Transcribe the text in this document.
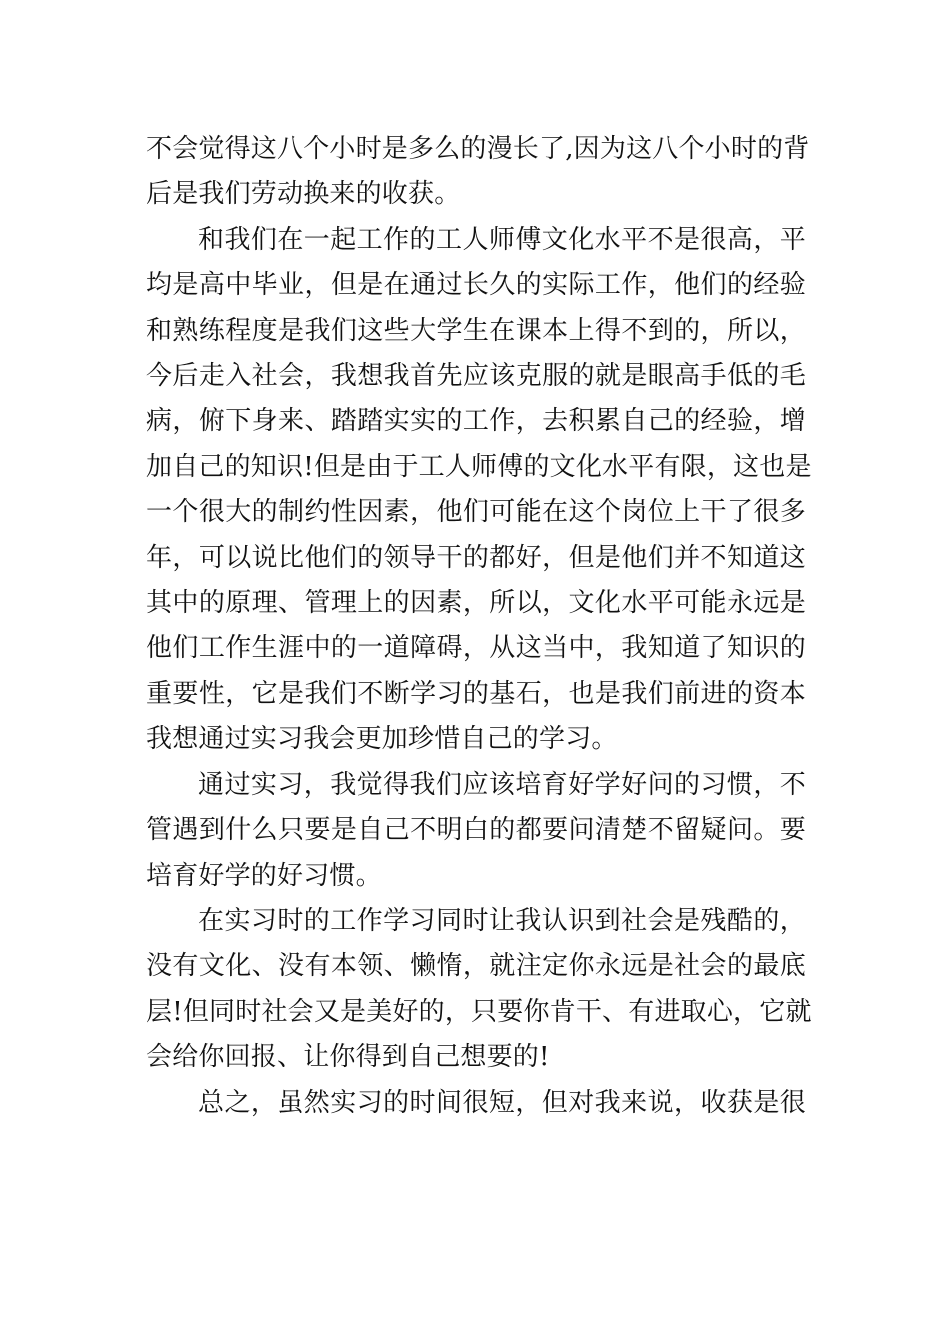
不会觉得这八个小时是多么的漫长了,因为这八个小时的背
后是我们劳动换来的收获。

和我们在一起工作的工人师傅文化水平不是很高，平
均是高中毕业，但是在通过长久的实际工作，他们的经验
和熟练程度是我们这些大学生在课本上得不到的，所以，
今后走入社会，我想我首先应该克服的就是眼高手低的毛
病，俯下身来、踏踏实实的工作，去积累自己的经验，增
加自己的知识!但是由于工人师傅的文化水平有限，这也是
一个很大的制约性因素，他们可能在这个岗位上干了很多
年，可以说比他们的领导干的都好，但是他们并不知道这
其中的原理、管理上的因素，所以，文化水平可能永远是
他们工作生涯中的一道障碍，从这当中，我知道了知识的
重要性，它是我们不断学习的基石，也是我们前进的资本
我想通过实习我会更加珍惜自己的学习。

通过实习，我觉得我们应该培育好学好问的习惯，不
管遇到什么只要是自己不明白的都要问清楚不留疑问。要
培育好学的好习惯。

在实习时的工作学习同时让我认识到社会是残酷的，
没有文化、没有本领、懒惰，就注定你永远是社会的最底
层!但同时社会又是美好的，只要你肯干、有进取心，它就
会给你回报、让你得到自己想要的!

总之，虽然实习的时间很短，但对我来说，收获是很
